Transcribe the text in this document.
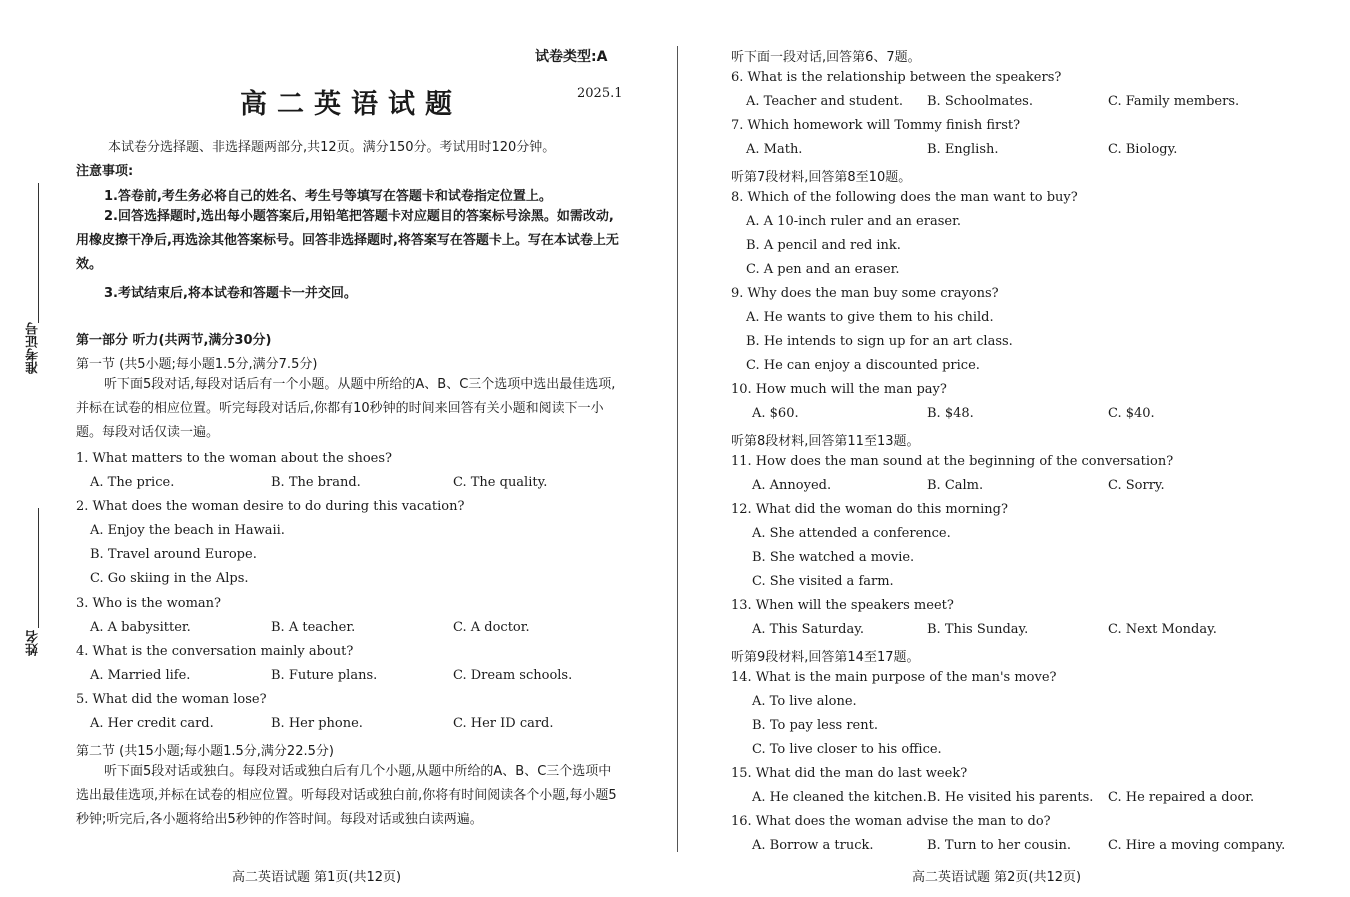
准考证号
姓名
试卷类型:A
高二英语试题	2025.1
本试卷分选择题、非选择题两部分,共12页。满分150分。考试用时120分钟。
注意事项:
1.答卷前,考生务必将自己的姓名、考生号等填写在答题卡和试卷指定位置上。
2.回答选择题时,选出每小题答案后,用铅笔把答题卡对应题目的答案标号涂黑。如需改动,用橡皮擦干净后,再选涂其他答案标号。回答非选择题时,将答案写在答题卡上。写在本试卷上无效。
3.考试结束后,将本试卷和答题卡一并交回。
第一部分 听力(共两节,满分30分)
第一节 (共5小题;每小题1.5分,满分7.5分)
听下面5段对话,每段对话后有一个小题。从题中所给的A、B、C三个选项中选出最佳选项,并标在试卷的相应位置。听完每段对话后,你都有10秒钟的时间来回答有关小题和阅读下一小题。每段对话仅读一遍。
1. What matters to the woman about the shoes?
A. The price.	B. The brand.	C. The quality.
2. What does the woman desire to do during this vacation?
A. Enjoy the beach in Hawaii.
B. Travel around Europe.
C. Go skiing in the Alps.
3. Who is the woman?
A. A babysitter.	B. A teacher.	C. A doctor.
4. What is the conversation mainly about?
A. Married life.	B. Future plans.	C. Dream schools.
5. What did the woman lose?
A. Her credit card.	B. Her phone.	C. Her ID card.
第二节 (共15小题;每小题1.5分,满分22.5分)
听下面5段对话或独白。每段对话或独白后有几个小题,从题中所给的A、B、C三个选项中选出最佳选项,并标在试卷的相应位置。听每段对话或独白前,你将有时间阅读各个小题,每小题5秒钟;听完后,各小题将给出5秒钟的作答时间。每段对话或独白读两遍。
高二英语试题 第1页(共12页)
听下面一段对话,回答第6、7题。
6. What is the relationship between the speakers?
A. Teacher and student. B. Schoolmates.	C. Family members.
7. Which homework will Tommy finish first?
A. Math.	B. English.	C. Biology.
听第7段材料,回答第8至10题。
8. Which of the following does the man want to buy?
A. A 10-inch ruler and an eraser.
B. A pencil and red ink.
C. A pen and an eraser.
9. Why does the man buy some crayons?
A. He wants to give them to his child.
B. He intends to sign up for an art class.
C. He can enjoy a discounted price.
10. How much will the man pay?
A. $60.	B. $48.	C. $40.
听第8段材料,回答第11至13题。
11. How does the man sound at the beginning of the conversation?
A. Annoyed.	B. Calm.	C. Sorry.
12. What did the woman do this morning?
A. She attended a conference.
B. She watched a movie.
C. She visited a farm.
13. When will the speakers meet?
A. This Saturday.	B. This Sunday.	C. Next Monday.
听第9段材料,回答第14至17题。
14. What is the main purpose of the man's move?
A. To live alone.
B. To pay less rent.
C. To live closer to his office.
15. What did the man do last week?
A. He cleaned the kitchen. B. He visited his parents. C. He repaired a door.
16. What does the woman advise the man to do?
A. Borrow a truck.	B. Turn to her cousin.	C. Hire a moving company.
高二英语试题 第2页(共12页)
